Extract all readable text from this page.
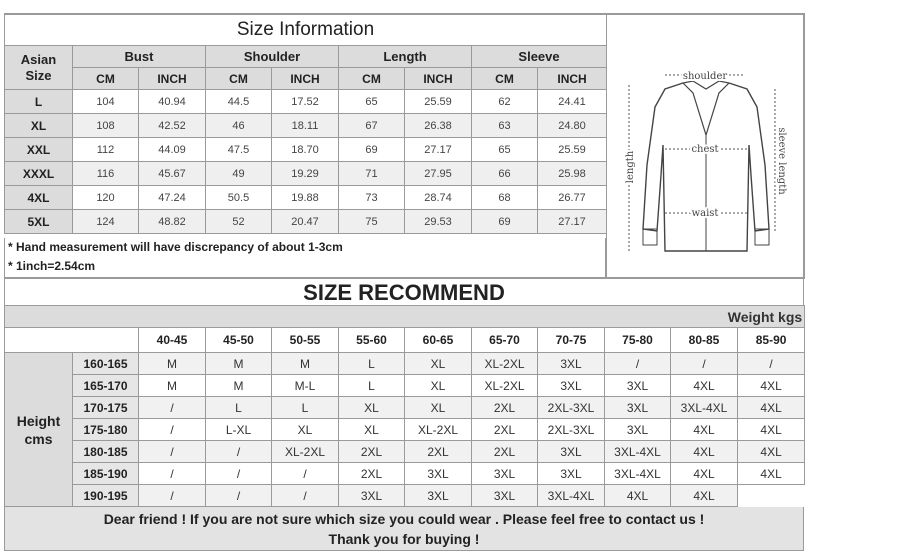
Size Information								
Asian
Size	Bust		Shoulder		Length		Sleeve	
	CM	INCH	CM	INCH	CM	INCH	CM	INCH
L	104	40.94	44.5	17.52	65	25.59	62	24.41
XL	108	42.52	46	18.11	67	26.38	63	24.80
XXL	112	44.09	47.5	18.70	69	27.17	65	25.59
XXXL	116	45.67	49	19.29	71	27.95	66	25.98
4XL	120	47.24	50.5	19.88	73	28.74	68	26.77
5XL	124	48.82	52	20.47	75	29.53	69	27.17
* Hand measurement will have discrepancy of about 1-3cm
* 1inch=2.54cm
shoulder
chest
waist
length	sleeve length
SIZE RECOMMEND
Weight kgs											
		40-45	45-50	50-55	55-60	60-65	65-70	70-75	75-80	80-85	85-90
Height
cms	160-165	M	M	M	L	XL	XL-2XL	3XL	/	/	/
	165-170	M	M	M-L	L	XL	XL-2XL	3XL	3XL	4XL	4XL
	170-175	/	L	L	XL	XL	2XL	2XL-3XL	3XL	3XL-4XL	4XL
	175-180	/	L-XL	XL	XL	XL-2XL	2XL	2XL-3XL	3XL	4XL	4XL
	180-185	/	/	XL-2XL	2XL	2XL	2XL	3XL	3XL-4XL	4XL	4XL
	185-190	/	/	/	2XL	3XL	3XL	3XL	3XL-4XL	4XL	4XL
	190-195	/	/	/	3XL	3XL	3XL	3XL-4XL	4XL	4XL	
Dear friend ! If you are not sure which size you could wear . Please feel free to contact us !
Thank you for buying !
